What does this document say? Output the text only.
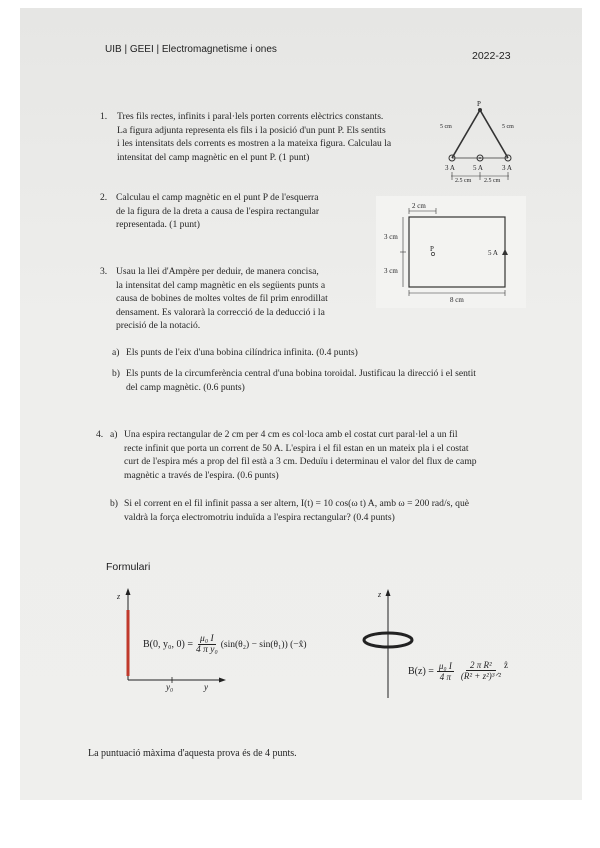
UIB | GEEI | Electromagnetisme i ones
2022-23
1. Tres fils rectes, infinits i paral·lels porten corrents elèctrics constants.
La figura adjunta representa els fils i la posició d'un punt P. Els sentits
i les intensitats dels corrents es mostren a la mateixa figura. Calculau la
intensitat del camp magnètic en el punt P. (1 punt)
P
5 cm	5 cm
3 A	5 A	3 A
2.5 cm 2.5 cm
2. Calculau el camp magnètic en el punt P de l'esquerra
de la figura de la dreta a causa de l'espira rectangular
representada. (1 punt)
2 cm
3 cm
3 cm
P	5 A
8 cm
3. Usau la llei d'Ampère per deduir, de manera concisa,
la intensitat del camp magnètic en els següents punts a
causa de bobines de moltes voltes de fil prim enrodillat
densament. Es valorarà la correcció de la deducció i la
precisió de la notació.
a) Els punts de l'eix d'una bobina cilíndrica infinita. (0.4 punts)
b) Els punts de la circumferència central d'una bobina toroidal. Justificau la direcció i el sentit
del camp magnètic. (0.6 punts)
4. a) Una espira rectangular de 2 cm per 4 cm es col·loca amb el costat curt paral·lel a un fil
recte infinit que porta un corrent de 50 A. L'espira i el fil estan en un mateix pla i el costat
curt de l'espira més a prop del fil està a 3 cm. Deduïu i determinau el valor del flux de camp
magnètic a través de l'espira. (0.6 punts)
b) Si el corrent en el fil infinit passa a ser altern, I(t) = 10 cos(ω t) A, amb ω = 200 rad/s, què
valdrà la força electromotriu induïda a l'espira rectangular? (0.4 punts)
Formulari
z
y
y₀
B(0, y₀, $0) = \frac{\text{μ₀ I}}{\text{4 π y₀}} (\sin(\theta_2) - \sin(\theta_1))$ (−x̂)
z
$B(z) = \frac{\text{μ₀ I}}{4 \pi}$	2 π R²
(R² + z²)³ᐟ²
ẑ
La puntuació màxima d'aquesta prova és de 4 punts.
